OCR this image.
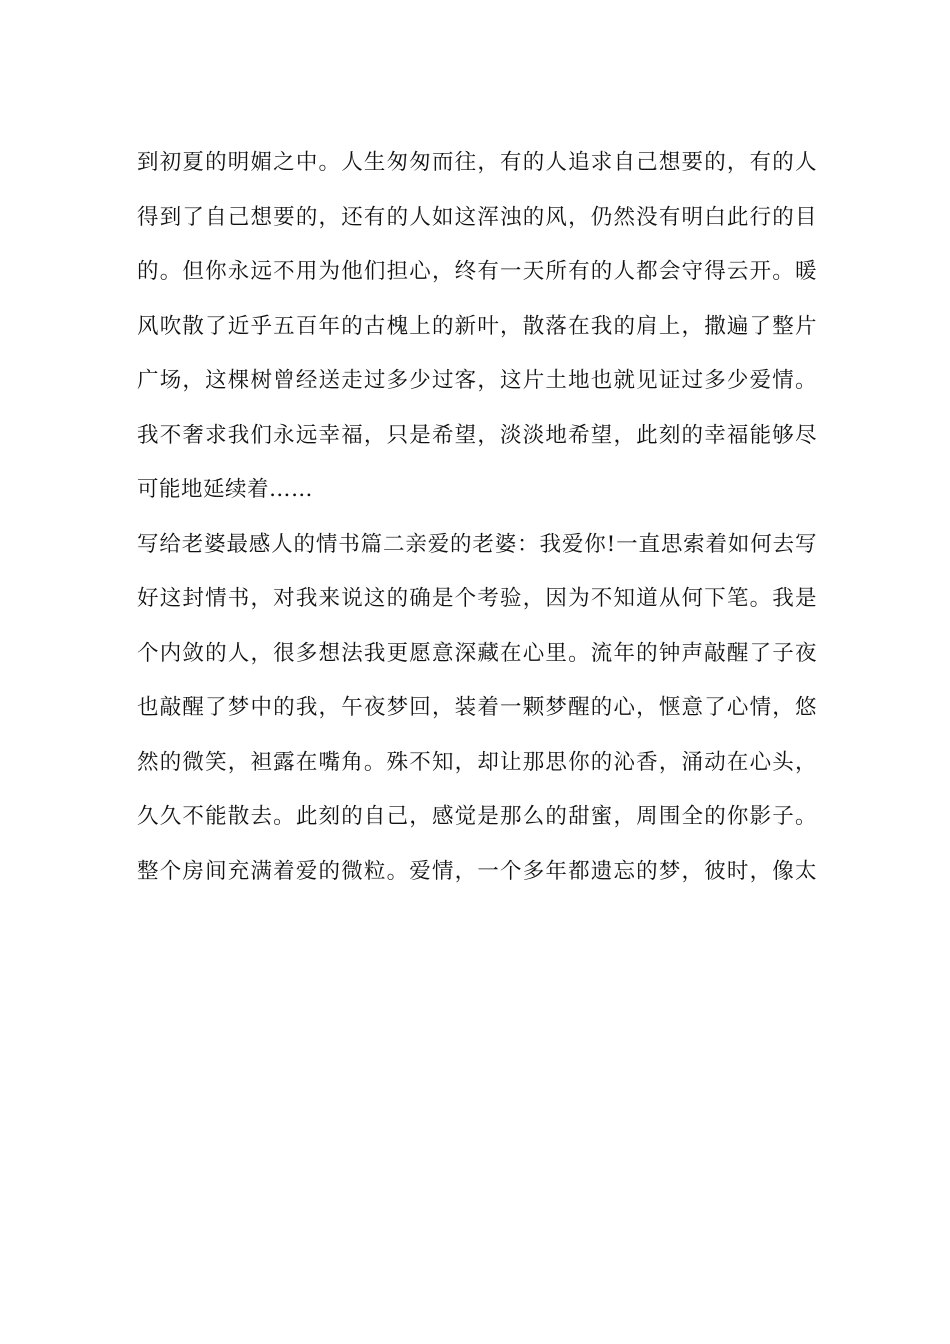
到初夏的明媚之中。人生匆匆而往，有的人追求自己想要的，有的人
得到了自己想要的，还有的人如这浑浊的风，仍然没有明白此行的目
的。但你永远不用为他们担心，终有一天所有的人都会守得云开。暖
风吹散了近乎五百年的古槐上的新叶，散落在我的肩上，撒遍了整片
广场，这棵树曾经送走过多少过客，这片土地也就见证过多少爱情。
我不奢求我们永远幸福，只是希望，淡淡地希望，此刻的幸福能够尽
可能地延续着……
写给老婆最感人的情书篇二亲爱的老婆：我爱你!一直思索着如何去写
好这封情书，对我来说这的确是个考验，因为不知道从何下笔。我是
个内敛的人，很多想法我更愿意深藏在心里。流年的钟声敲醒了子夜
也敲醒了梦中的我，午夜梦回，装着一颗梦醒的心，惬意了心情，悠
然的微笑，袒露在嘴角。殊不知，却让那思你的沁香，涌动在心头，
久久不能散去。此刻的自己，感觉是那么的甜蜜，周围全的你影子。
整个房间充满着爱的微粒。爱情，一个多年都遗忘的梦，彼时，像太
